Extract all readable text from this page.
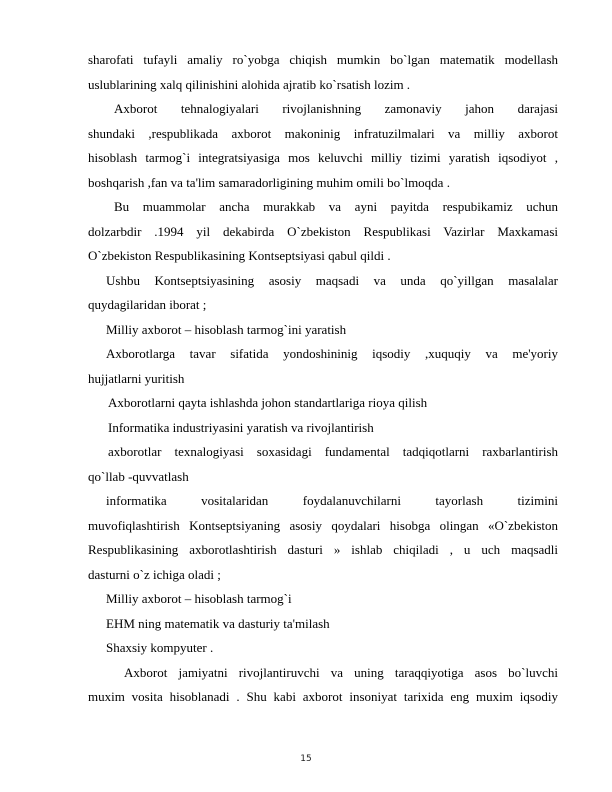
sharofati tufayli amaliy ro`yobga chiqish mumkin bo`lgan matematik modellash
uslublarining xalq qilinishini alohida ajratib ko`rsatish lozim .
Axborot tehnalogiyalari rivojlanishning zamonaviy jahon darajasi
shundaki ,respublikada axborot makoninig infratuzilmalari va milliy axborot
hisoblash tarmog`i integratsiyasiga mos keluvchi milliy tizimi yaratish iqsodiyot ,
boshqarish ,fan va ta'lim samaradorligining muhim omili bo`lmoqda .
Bu muammolar ancha murakkab va ayni payitda respubikamiz uchun
dolzarbdir .1994 yil dekabirda O`zbekiston Respublikasi Vazirlar Maxkamasi
O`zbekiston Respublikasining Kontseptsiyasi qabul qildi .
Ushbu Kontseptsiyasining asosiy maqsadi va unda qo`yillgan masalalar
quydagilaridan iborat ;
Milliy axborot – hisoblash tarmog`ini yaratish
Axborotlarga tavar sifatida yondoshininig iqsodiy ,xuquqiy va me'yoriy
hujjatlarni yuritish
Axborotlarni qayta ishlashda johon standartlariga rioya qilish
Informatika industriyasini yaratish va rivojlantirish
axborotlar texnalogiyasi soxasidagi fundamental tadqiqotlarni raxbarlantirish
qo`llab -quvvatlash
informatika vositalaridan foydalanuvchilarni tayorlash tizimini
muvofiqlashtirish Kontseptsiyaning asosiy qoydalari hisobga olingan «O`zbekiston
Respublikasining axborotlashtirish dasturi » ishlab chiqiladi , u uch maqsadli
dasturni o`z ichiga oladi ;
Milliy axborot – hisoblash tarmog`i
EHM ning matematik va dasturiy ta'milash
Shaxsiy kompyuter .
Axborot jamiyatni rivojlantiruvchi va uning taraqqiyotiga asos bo`luvchi
muxim vosita hisoblanadi . Shu kabi axborot insoniyat tarixida eng muxim iqsodiy
15
